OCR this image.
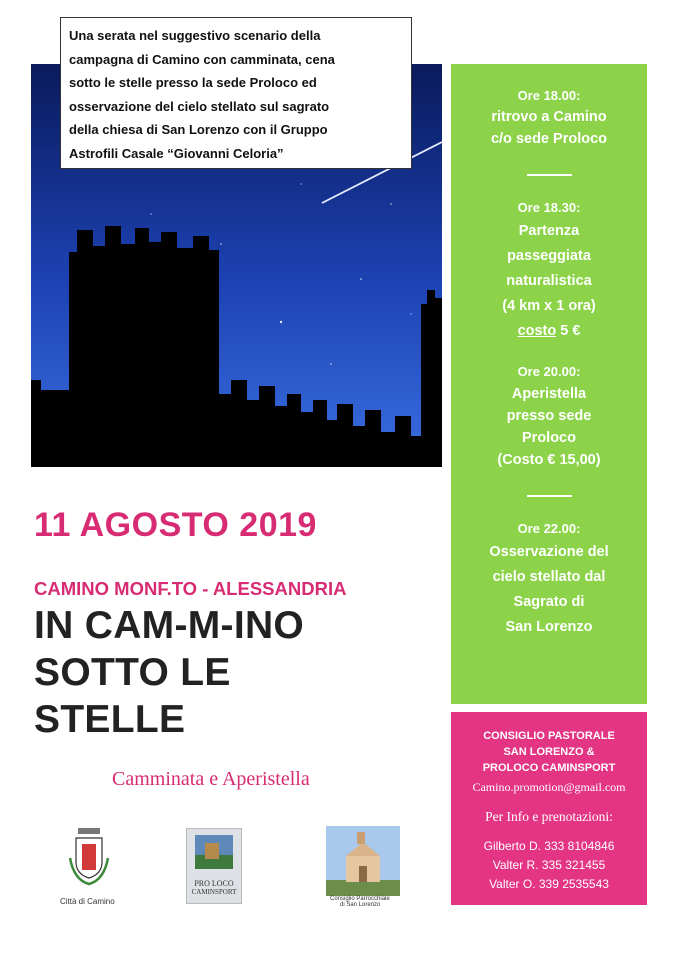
Una serata nel suggestivo scenario della
campagna di Camino con camminata, cena
sotto le stelle presso la sede Proloco ed
osservazione del cielo stellato sul sagrato
della chiesa di San Lorenzo con il Gruppo
Astrofili Casale “Giovanni Celoria”
Ore 18.00:
ritrovo a Camino
c/o sede Proloco
Ore 18.30:
Partenza
passeggiata
naturalistica
(4 km x 1 ora)
costo 5 €
Ore 20.00:
Aperistella
presso sede
Proloco
(Costo € 15,00)
Ore 22.00:
Osservazione del
cielo stellato dal
Sagrato di
San Lorenzo
11 AGOSTO 2019
CAMINO MONF.TO - ALESSANDRIA
IN CAM-M-INO
SOTTO LE
STELLE
Camminata e Aperistella
CONSIGLIO PASTORALE
SAN LORENZO &
PROLOCO CAMINSPORT
Camino.promotion@gmail.com
Per Info e prenotazioni:
Gilberto D. 333 8104846
Valter R. 335 321455
Valter O. 339 2535543
Città di Camino
PRO LOCO
CAMINSPORT
Consiglio Parrocchiale
di San Lorenzo
